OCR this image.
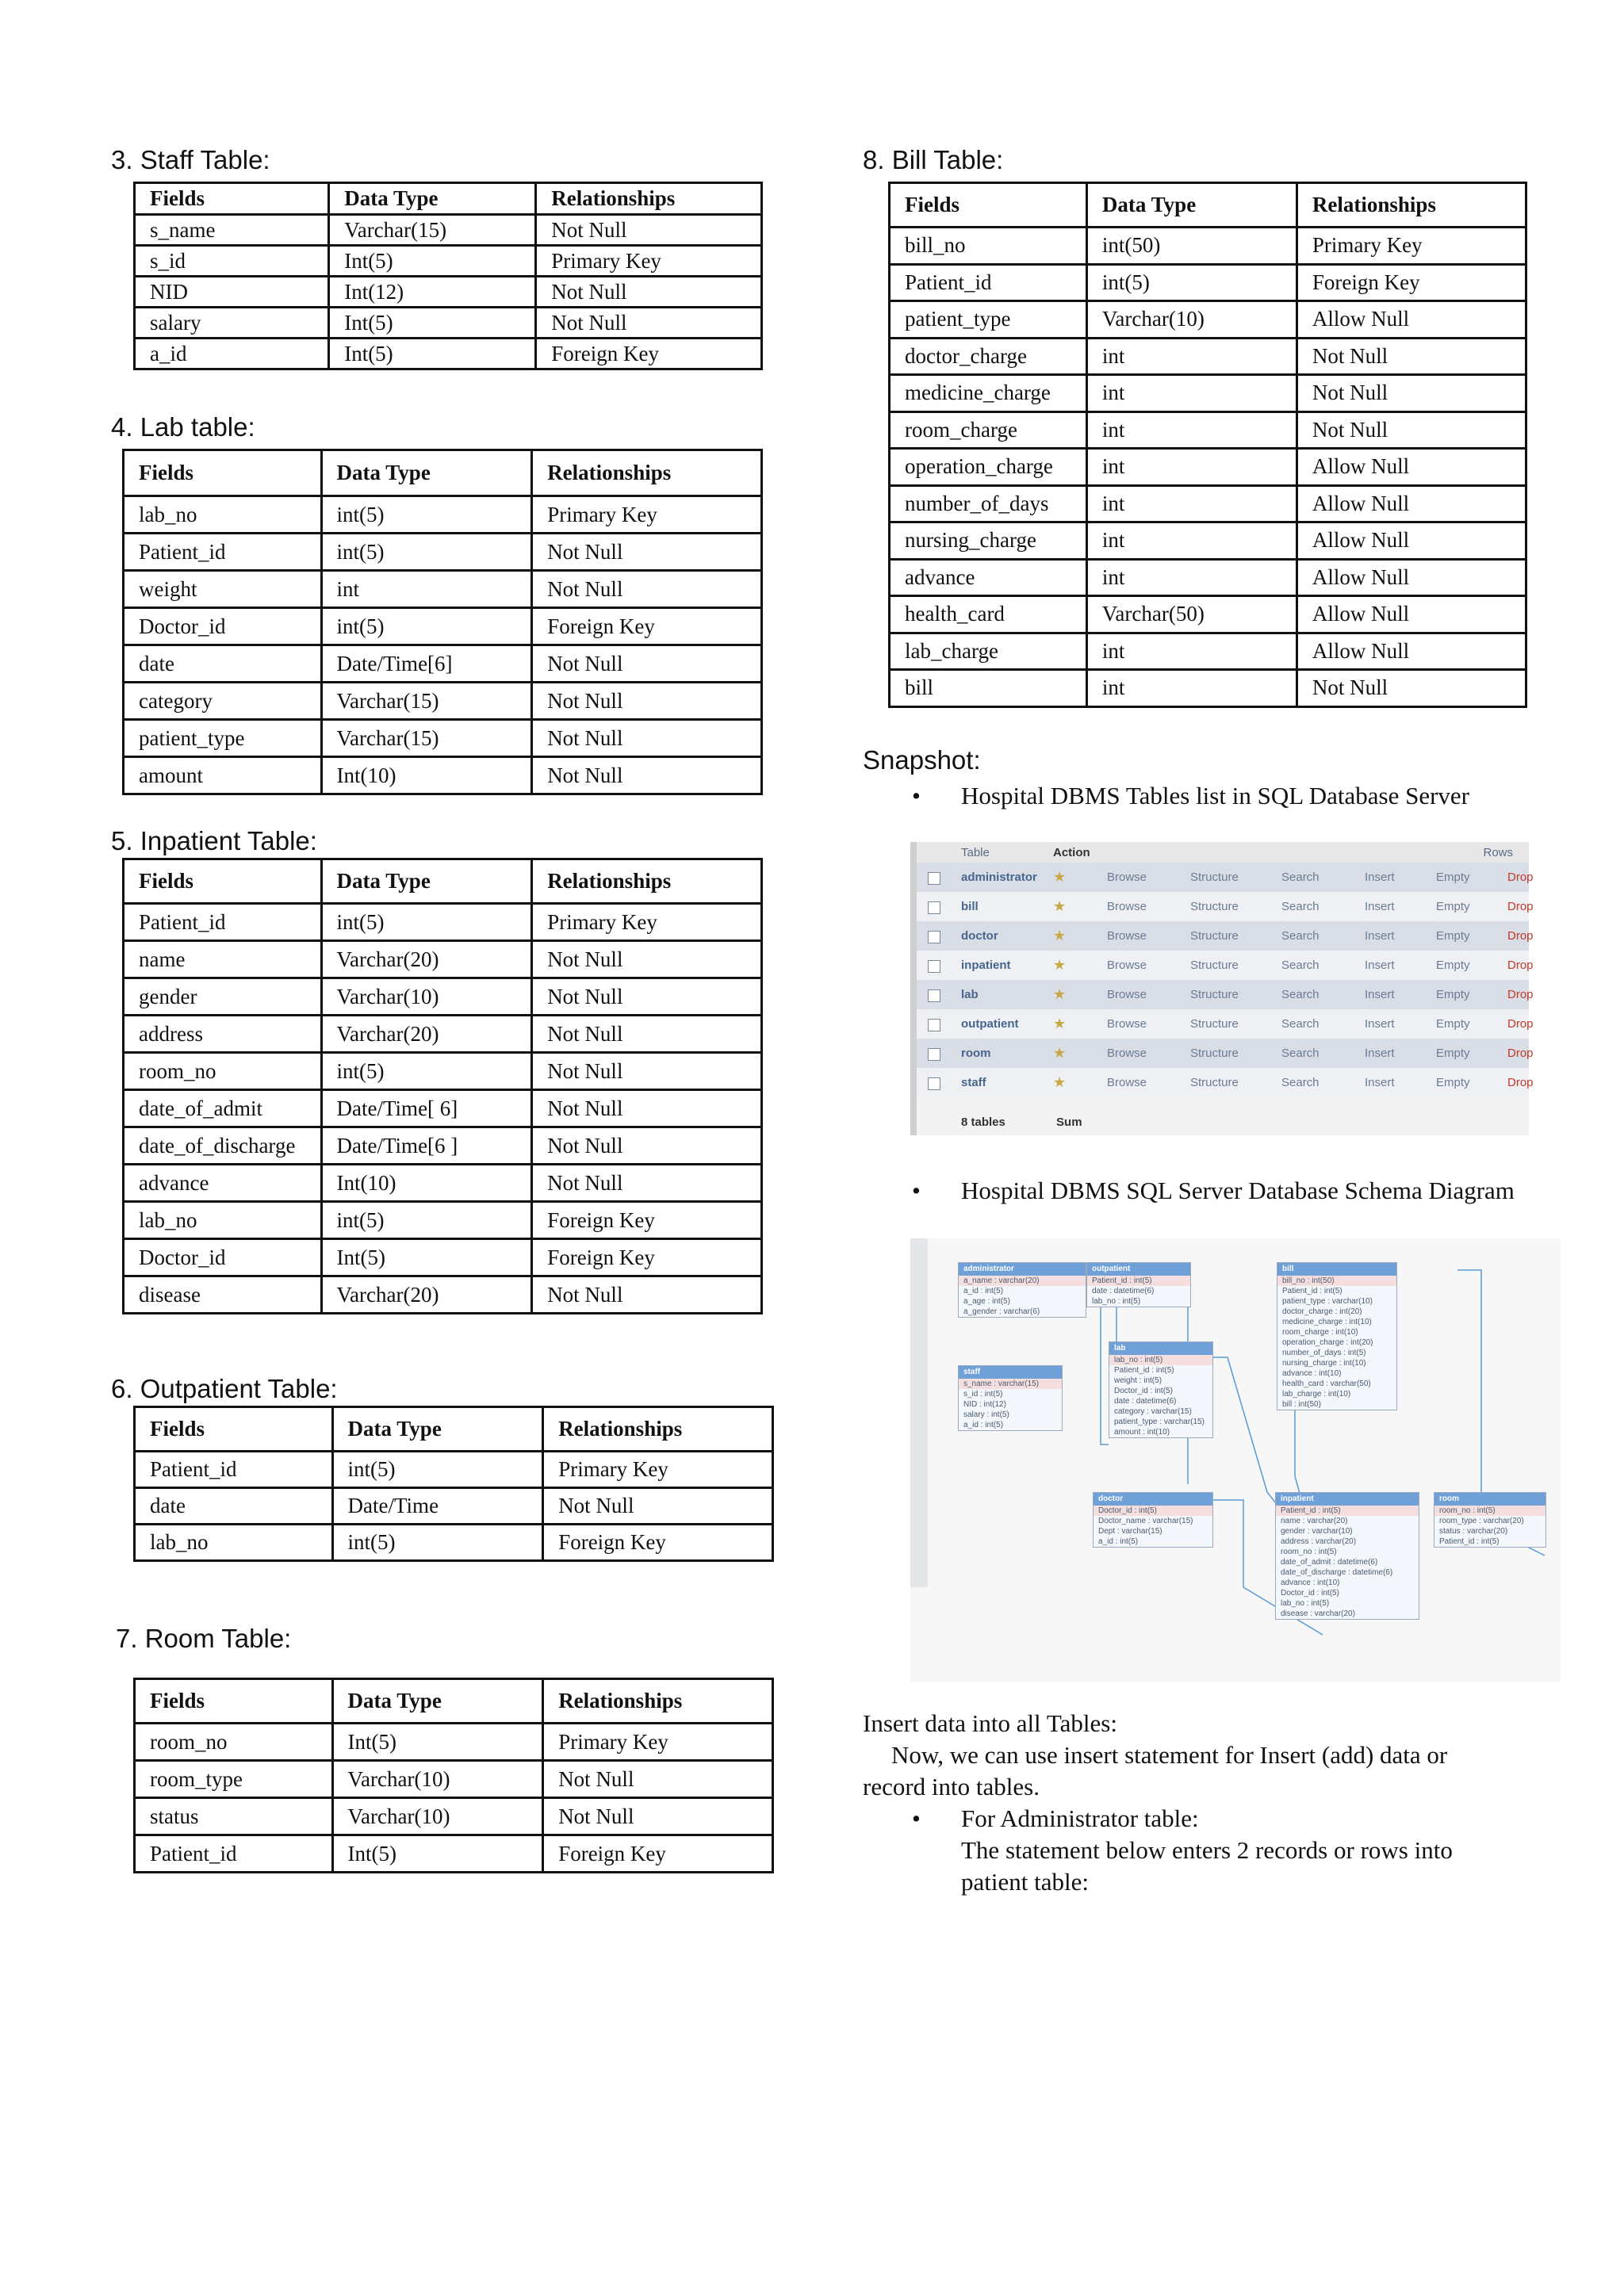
3. Staff Table:
Fields	Data Type	Relationships
s_name	Varchar(15)	Not Null
s_id	Int(5)	Primary Key
NID	Int(12)	Not Null
salary	Int(5)	Not Null
a_id	Int(5)	Foreign Key
4. Lab table:
Fields	Data Type	Relationships
lab_no	int(5)	Primary Key
Patient_id	int(5)	Not Null
weight	int	Not Null
Doctor_id	int(5)	Foreign Key
date	Date/Time[6]	Not Null
category	Varchar(15)	Not Null
patient_type	Varchar(15)	Not Null
amount	Int(10)	Not Null
5. Inpatient Table:
Fields	Data Type	Relationships
Patient_id	int(5)	Primary Key
name	Varchar(20)	Not Null
gender	Varchar(10)	Not Null
address	Varchar(20)	Not Null
room_no	int(5)	Not Null
date_of_admit	Date/Time[ 6]	Not Null
date_of_discharge	Date/Time[6 ]	Not Null
advance	Int(10)	Not Null
lab_no	int(5)	Foreign Key
Doctor_id	Int(5)	Foreign Key
disease	Varchar(20)	Not Null
6. Outpatient Table:
Fields	Data Type	Relationships
Patient_id	int(5)	Primary Key
date	Date/Time	Not Null
lab_no	int(5)	Foreign Key
7. Room Table:
Fields	Data Type	Relationships
room_no	Int(5)	Primary Key
room_type	Varchar(10)	Not Null
status	Varchar(10)	Not Null
Patient_id	Int(5)	Foreign Key
8. Bill Table:
Fields	Data Type	Relationships
bill_no	int(50)	Primary Key
Patient_id	int(5)	Foreign Key
patient_type	Varchar(10)	Allow Null
doctor_charge	int	Not Null
medicine_charge	int	Not Null
room_charge	int	Not Null
operation_charge	int	Allow Null
number_of_days	int	Allow Null
nursing_charge	int	Allow Null
advance	int	Allow Null
health_card	Varchar(50)	Allow Null
lab_charge	int	Allow Null
bill	int	Not Null
Snapshot:
• Hospital DBMS Tables list in SQL Database Server
Table	Action	Rows
administrator ★	Browse	Structure	Search	Insert	Empty	Drop
bill	★	Browse	Structure	Search	Insert	Empty	Drop
doctor	★	Browse	Structure	Search	Insert	Empty	Drop
inpatient	★	Browse	Structure	Search	Insert	Empty	Drop
lab	★	Browse	Structure	Search	Insert	Empty	Drop
outpatient ★	Browse	Structure	Search	Insert	Empty	Drop
room	★	Browse	Structure	Search	Insert	Empty	Drop
staff	★	Browse	Structure	Search	Insert	Empty	Drop
8 tables	Sum
• Hospital DBMS SQL Server Database Schema Diagram
administrator
a_name : varchar(20)
a_id : int(5)
a_age : int(5)
a_gender : varchar(6)
outpatient
Patient_id : int(5)
date : datetime(6)
lab_no : int(5)
bill
bill_no : int(50)
Patient_id : int(5)
patient_type : varchar(10)
doctor_charge : int(20)
medicine_charge : int(10)
room_charge : int(10)
operation_charge : int(20)
number_of_days : int(5)
nursing_charge : int(10)
advance : int(10)
health_card : varchar(50)
lab_charge : int(10)
bill : int(50)
staff
s_name : varchar(15)
s_id : int(5)
NID : int(12)
salary : int(5)
a_id : int(5)
lab
lab_no : int(5)
Patient_id : int(5)
weight : int(5)
Doctor_id : int(5)
date : datetime(6)
category : varchar(15)
patient_type : varchar(15)
amount : int(10)
doctor
Doctor_id : int(5)
Doctor_name : varchar(15)
Dept : varchar(15)
a_id : int(5)
inpatient
Patient_id : int(5)
name : varchar(20)
gender : varchar(10)
address : varchar(20)
room_no : int(5)
date_of_admit : datetime(6)
date_of_discharge : datetime(6)
advance : int(10)
Doctor_id : int(5)
lab_no : int(5)
disease : varchar(20)
room
room_no : int(5)
room_type : varchar(20)
status : varchar(20)
Patient_id : int(5)
Insert data into all Tables:
Now, we can use insert statement for Insert (add) data or
record into tables.
• For Administrator table:
The statement below enters 2 records or rows into
patient table:
